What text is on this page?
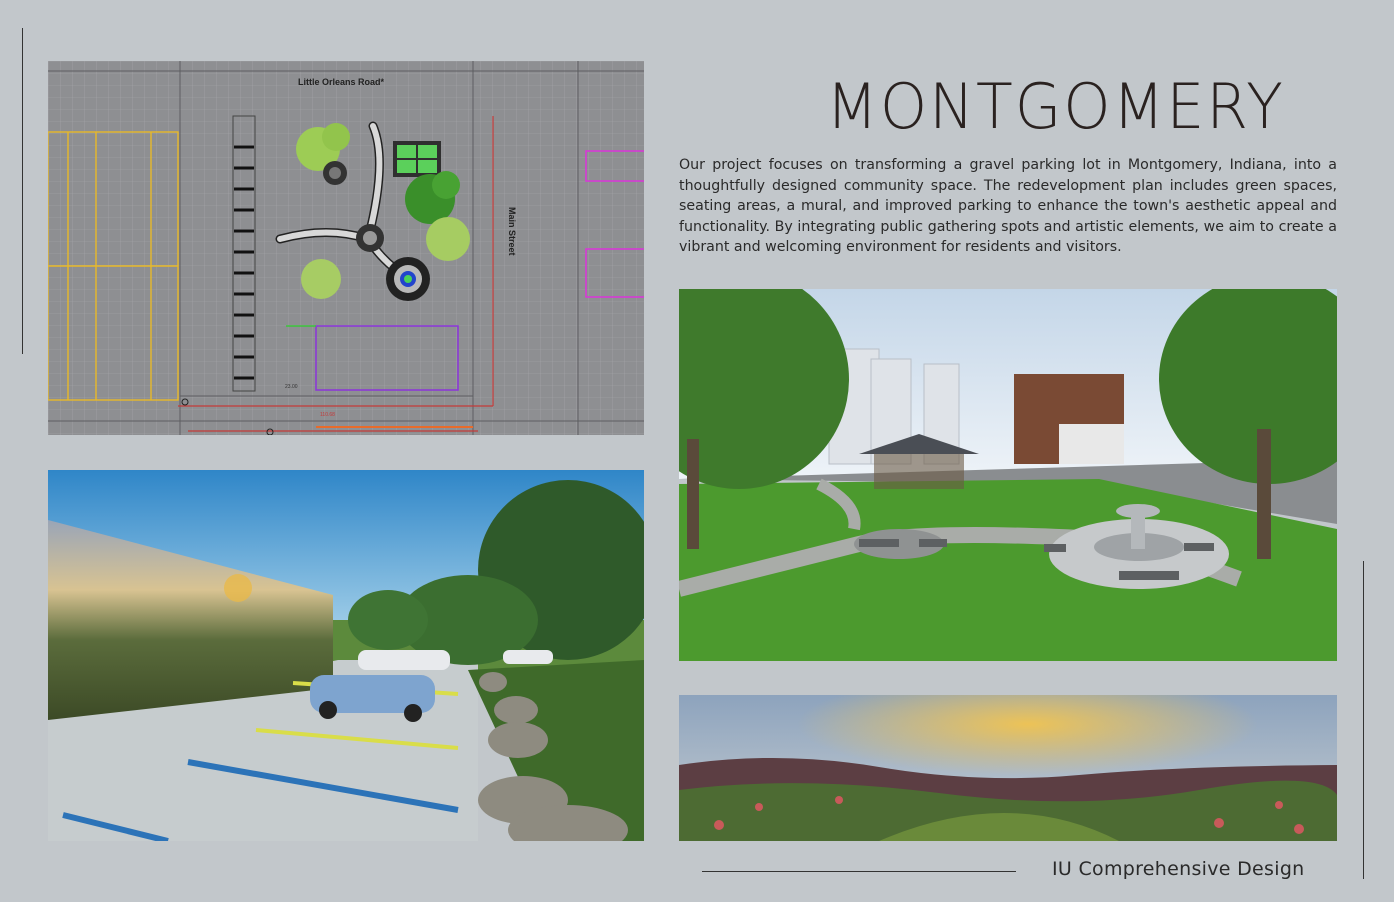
MONTGOMERY
Our project focuses on transforming a gravel parking lot in Montgomery, Indiana, into a thoughtfully designed community space. The redevelopment plan includes green spaces, seating areas, a mural, and improved parking to enhance the town's aesthetic appeal and functionality. By integrating public gathering spots and artistic elements, we aim to create a vibrant and welcoming environment for residents and visitors.
Little Orleans Road*
Main Street
23.00
110.68
IU Comprehensive Design
